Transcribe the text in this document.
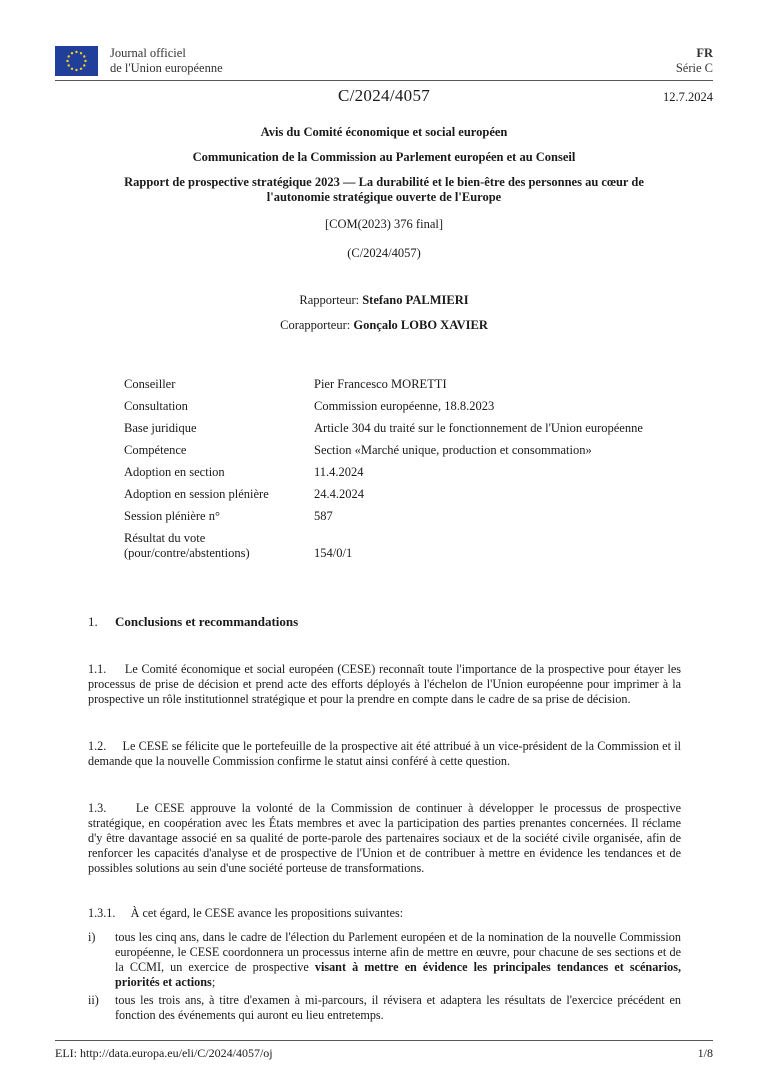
Journal officiel
de l'Union européenne
FR
Série C
C/2024/4057	12.7.2024
Avis du Comité économique et social européen
Communication de la Commission au Parlement européen et au Conseil
Rapport de prospective stratégique 2023 — La durabilité et le bien-être des personnes au cœur de
l'autonomie stratégique ouverte de l'Europe
[COM(2023) 376 final]
(C/2024/4057)
Rapporteur: Stefano PALMIERI
Corapporteur: Gonçalo LOBO XAVIER
Conseiller	Pier Francesco MORETTI
Consultation	Commission européenne, 18.8.2023
Base juridique	Article 304 du traité sur le fonctionnement de l'Union européenne
Compétence	Section «Marché unique, production et consommation»
Adoption en section	11.4.2024
Adoption en session plénière	24.4.2024
Session plénière n°	587

Résultat du vote
(pour/contre/abstentions)	154/0/1
1. Conclusions et recommandations
1.1.     Le Comité économique et social européen (CESE) reconnaît toute l'importance de la prospective pour étayer les processus de prise de décision et prend acte des efforts déployés à l'échelon de l'Union européenne pour imprimer à la prospective un rôle institutionnel stratégique et pour la prendre en compte dans le cadre de sa prise de décision.
1.2.     Le CESE se félicite que le portefeuille de la prospective ait été attribué à un vice-président de la Commission et il demande que la nouvelle Commission confirme le statut ainsi conféré à cette question.
1.3.     Le CESE approuve la volonté de la Commission de continuer à développer le processus de prospective stratégique, en coopération avec les États membres et avec la participation des parties prenantes concernées. Il réclame d'y être davantage associé en sa qualité de porte-parole des partenaires sociaux et de la société civile organisée, afin de renforcer les capacités d'analyse et de prospective de l'Union et de contribuer à mettre en évidence les tendances et de possibles solutions au sein d'une société porteuse de transformations.
1.3.1.     À cet égard, le CESE avance les propositions suivantes:
i) tous les cinq ans, dans le cadre de l'élection du Parlement européen et de la nomination de la nouvelle Commission européenne, le CESE coordonnera un processus interne afin de mettre en œuvre, pour chacune de ses sections et de la CCMI, un exercice de prospective visant à mettre en évidence les principales tendances et scénarios, priorités et actions;
ii) tous les trois ans, à titre d'examen à mi-parcours, il révisera et adaptera les résultats de l'exercice précédent en fonction des événements qui auront eu lieu entretemps.
ELI: http://data.europa.eu/eli/C/2024/4057/oj	1/8
